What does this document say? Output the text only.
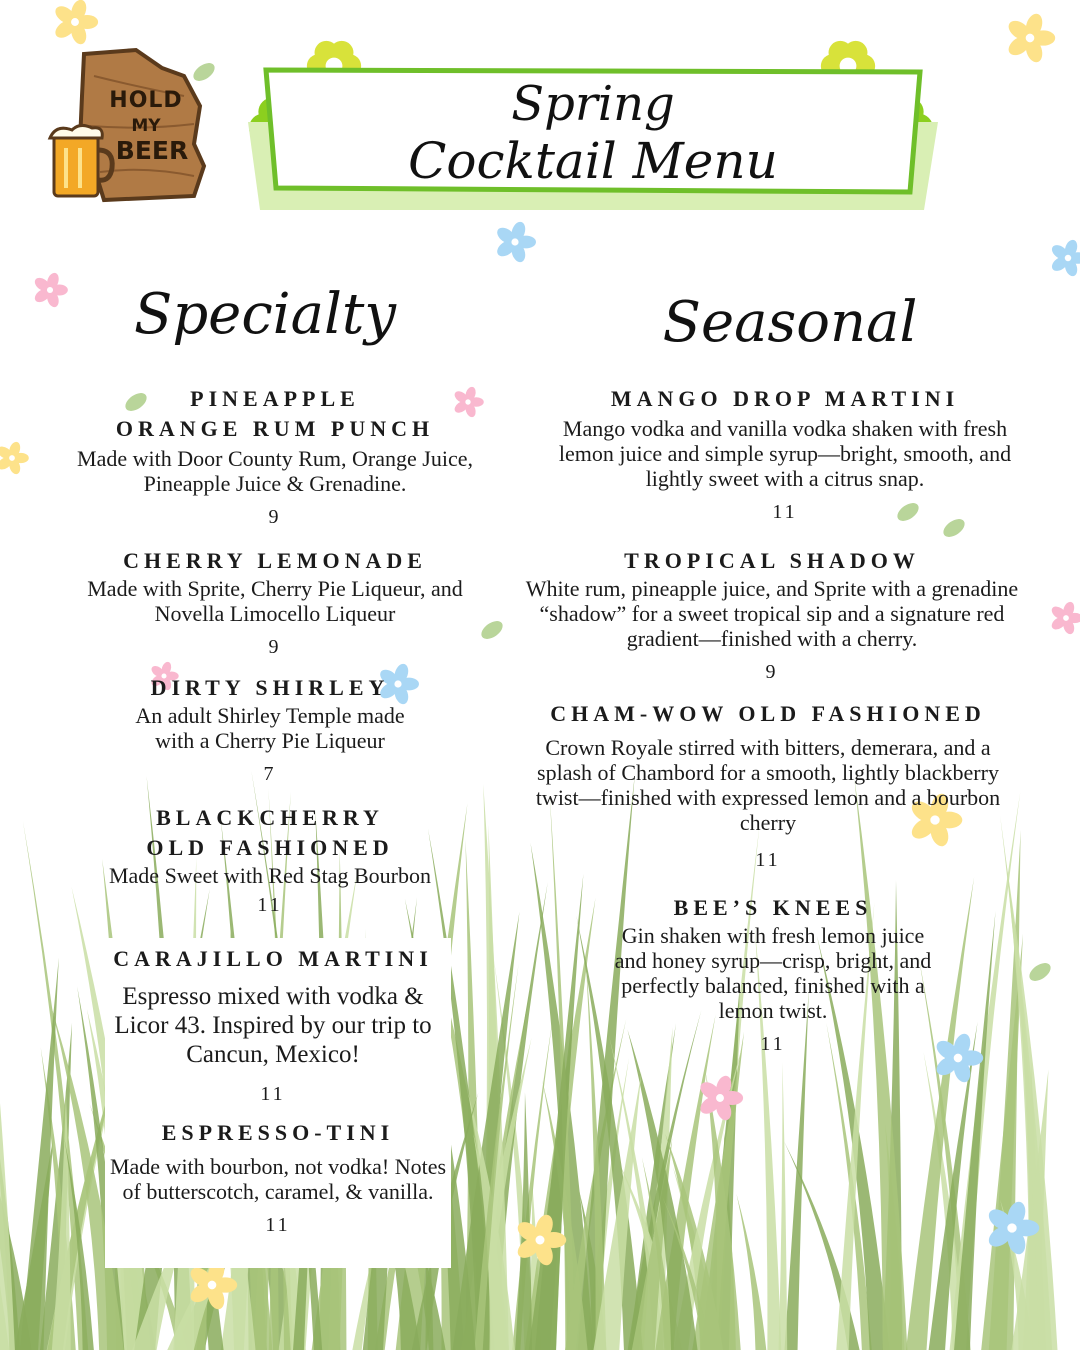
HOLD
MY
BEER
Spring
Cocktail Menu
Specialty
PINEAPPLE
ORANGE RUM PUNCH
Made with Door County Rum, Orange Juice, Pineapple Juice & Grenadine.
9
CHERRY LEMONADE
Made with Sprite, Cherry Pie Liqueur, and Novella Limocello Liqueur
9
DIRTY SHIRLEY
An adult Shirley Temple made with a Cherry Pie Liqueur
7
BLACKCHERRY
OLD FASHIONED
Made Sweet with Red Stag Bourbon
11
CARAJILLO MARTINI
Espresso mixed with vodka & Licor 43. Inspired by our trip to Cancun, Mexico!
11
ESPRESSO-TINI
Made with bourbon, not vodka! Notes of butterscotch, caramel, & vanilla.
11
Seasonal
MANGO DROP MARTINI
Mango vodka and vanilla vodka shaken with fresh lemon juice and simple syrup—bright, smooth, and lightly sweet with a citrus snap.
11
TROPICAL SHADOW
White rum, pineapple juice, and Sprite with a grenadine “shadow” for a sweet tropical sip and a signature red gradient—finished with a cherry.
9
CHAM-WOW OLD FASHIONED
Crown Royale stirred with bitters, demerara, and a splash of Chambord for a smooth, lightly blackberry twist—finished with expressed lemon and a bourbon cherry
11
BEE’S KNEES
Gin shaken with fresh lemon juice and honey syrup—crisp, bright, and perfectly balanced, finished with a lemon twist.
11
